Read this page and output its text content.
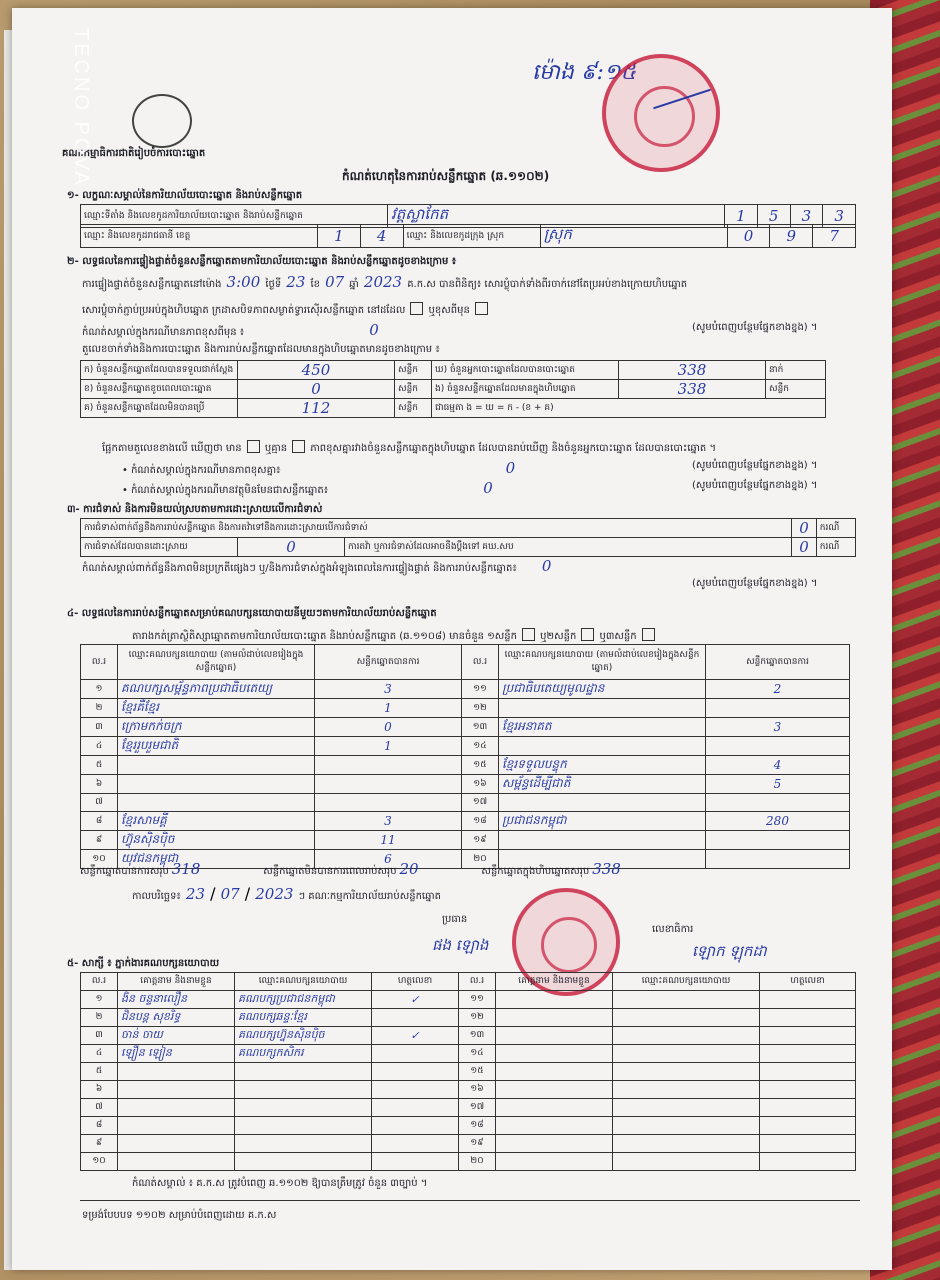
ម៉ោង ៩:១៥
គណៈកម្មាធិការជាតិរៀបចំការបោះឆ្នោត
កំណត់ហេតុនៃការរាប់សន្លឹកឆ្នោត (ឆ.១១០២)
១- លក្ខណៈសម្គាល់នៃការិយាល័យបោះឆ្នោត និងរាប់សន្លឹកឆ្នោត
ឈ្មោះទីតាំង និងលេខកូដការិយាល័យបោះឆ្នោត និងរាប់សន្លឹកឆ្នោត	វត្តស្លាកែត	1	5	3	3
ឈ្មោះ និងលេខកូដរាជធានី ខេត្ត	1	4	ឈ្មោះ និងលេខកូដក្រុង ស្រុក	ស្រុក	0	9	7
២- លទ្ធផលនៃការផ្ទៀងផ្ទាត់ចំនួនសន្លឹកឆ្នោតតាមការិយាល័យបោះឆ្នោត និងរាប់សន្លឹកឆ្នោតដូចខាងក្រោម ៖
ការផ្ទៀងផ្ទាត់ចំនួនសន្លឹកឆ្នោតនៅម៉ោង 3:00 ថ្ងៃទី 23 ខែ 07 ឆ្នាំ 2023 គ.ក.ស បានពិនិត្យ៖ សោរប្លុំបាក់ទាំងពីរចាក់នៅតែប្រអប់ខាងក្រោយហិបឆ្នោត
សោរប្លុំចាក់ភ្ជាប់ប្រអប់ក្នុងហិបឆ្នោត ក្រដាសបិទភាពសម្ងាត់ទ្វារស៊ើរសន្លឹកឆ្នោត នៅដដែល ឬខុសពីមុន
កំណត់សម្គាល់ក្នុងករណីមានភាពខុសពីមុន ៖	0	(សូមបំពេញបន្ថែមផ្នែកខាងខ្នង) ។
តួលេខចាក់ទាំងនិងការបោះឆ្នោត និងការរាប់សន្លឹកឆ្នោតដែលមានក្នុងហិបឆ្នោតមានដូចខាងក្រោម ៖
ក) ចំនួនសន្លឹកឆ្នោតដែលបានទទួលជាក់ស្តែង	450	សន្លឹក	ឃ) ចំនួនអ្នកបោះឆ្នោតដែលបានបោះឆ្នោត	338	នាក់
ខ) ចំនួនសន្លឹកឆ្នោតខូចពេលបោះឆ្នោត	0	សន្លឹក	ង) ចំនួនសន្លឹកឆ្នោតដែលមានក្នុងហិបឆ្នោត	338	សន្លឹក
គ) ចំនួនសន្លឹកឆ្នោតដែលមិនបានប្រើ	112	សន្លឹក	ជាធម្មតា ង = ឃ = ក - (ខ + គ)		
ផ្អែកតាមតួលេខខាងលើ ឃើញថា មាន ឬគ្មាន ភាពខុសគ្នារវាងចំនួនសន្លឹកឆ្នោតក្នុងហិបឆ្នោត ដែលបានរាប់ឃើញ និងចំនួនអ្នកបោះឆ្នោត ដែលបានបោះឆ្នោត ។
• កំណត់សម្គាល់ក្នុងករណីមានភាពខុសគ្នា៖	0	(សូមបំពេញបន្ថែមផ្នែកខាងខ្នង) ។
• កំណត់សម្គាល់ក្នុងករណីមានវត្ថុមិនមែនជាសន្លឹកឆ្នោត៖	0	(សូមបំពេញបន្ថែមផ្នែកខាងខ្នង) ។
៣- ការជំទាស់ និងការមិនយល់ស្របតាមការដោះស្រាយលើការជំទាស់
ការជំទាស់ពាក់ព័ន្ធនឹងការរាប់សន្លឹកឆ្នោត និងការតវ៉ាទៅនឹងការដោះស្រាយបើការជំទាស់			0	ករណី
ការជំទាស់ដែលបានដោះស្រាយ	0	ការតវ៉ា ឬការជំទាស់ដែលអាចនឹងប្ដឹងទៅ គឃ.សប	0	ករណី
កំណត់សម្គាល់ពាក់ព័ន្ធនឹងភាពមិនប្រក្រតីផ្សេងៗ ឬ/និងការជំទាស់ក្នុងអំឡុងពេលនៃការផ្ទៀងផ្ទាត់ និងការរាប់សន្លឹកឆ្នោត៖ 0
(សូមបំពេញបន្ថែមផ្នែកខាងខ្នង) ។
៤- លទ្ធផលនៃការរាប់សន្លឹកឆ្នោតសម្រាប់គណបក្សនយោបាយនីមួយៗតាមការិយាល័យរាប់សន្លឹកឆ្នោត
តារាងកត់ត្រាស្ថិតិស្សាឆ្នោតតាមការិយាល័យបោះឆ្នោត និងរាប់សន្លឹកឆ្នោត (ឆ.១១០៨) មានចំនួន ១សន្លឹក ឬ២សន្លឹក ឬ៣សន្លឹក
ល.រ	ឈ្មោះគណបក្សនយោបាយ (តាមលំដាប់លេខរៀងក្នុងសន្លឹកឆ្នោត)	សន្លឹកឆ្នោតបានការ	ល.រ	ឈ្មោះគណបក្សនយោបាយ (តាមលំដាប់លេខរៀងក្នុងសន្លឹកឆ្នោត)	សន្លឹកឆ្នោតបានការ
១	គណបក្សសម្ព័ន្ធភាពប្រជាធិបតេយ្យ	3	១១	ប្រជាធិបតេយ្យមូលដ្ឋាន	2
២	ខ្មែរគឺខ្មែរ	1	១២		
៣	ក្រោមកក់ចក្រ	0	១៣	ខ្មែរអនាគត	3
៤	ខ្មែររួបរួមជាតិ	1	១៤		
៥			១៥	ខ្មែរទទួលបន្ទុក	4
៦			១៦	សម្ព័ន្ធដើម្បីជាតិ	5
៧			១៧		
៨	ខ្មែរសាមគ្គី	3	១៨	ប្រជាជនកម្ពុជា	280
៩	ហ៊្វុនស៊ិនប៉ិច	11	១៩		
១០	យុវជនកម្ពុជា	6	២០		
សន្លឹកឆ្នោតបានការសរុប 318	សន្លឹកឆ្នោតមិនបានការពេលរាប់សរុប 20	សន្លឹកឆ្នោតក្នុងហិបឆ្នោតសរុប 338
កាលបរិច្ឆេទ៖ 23 / 07 / 2023 ៗ គណៈកម្មការិយាល័យរាប់សន្លឹកឆ្នោត
ប្រធាន
ផង ឡេាង
លេខាធិការ
ឡោក ឡុកដា
៥- សាក្សី ៖ ភ្នាក់ងារគណបក្សនយោបាយ
ល.រ	គោត្តនាម និងនាមខ្លួន	ឈ្មោះគណបក្សនយោបាយ	ហត្ថលេខា	ល.រ	គោត្តនាម និងនាមខ្លួន	ឈ្មោះគណបក្សនយោបាយ	ហត្ថលេខា
១	ងិន ចន្ទនាលឿន	គណបក្សប្រជាជនកម្ពុជា	✓	១១			
២	ជិនបន្ដ សុខរិទ្ធ	គណបក្សឆន្ទៈខ្មែរ		១២			
៣	ចាន់ ចាយ	គណបក្សហ្វ៊ុនស៊ិនប៉ិច	✓	១៣			
៤	ឡឿន ឡៀន	គណបក្សកសិករ		១៤			
៥				១៥			
៦				១៦			
៧				១៧			
៨				១៨			
៩				១៩			
១០				២០			
កំណត់សម្គាល់ ៖ គ.ក.ស ត្រូវបំពេញ ឆ.១១០២ ឱ្យបានត្រឹមត្រូវ ចំនួន ៣ច្បាប់ ។
ទម្រង់បែបបទ ១១០២ សម្រាប់បំពេញដោយ គ.ក.ស
TECNO POVA
